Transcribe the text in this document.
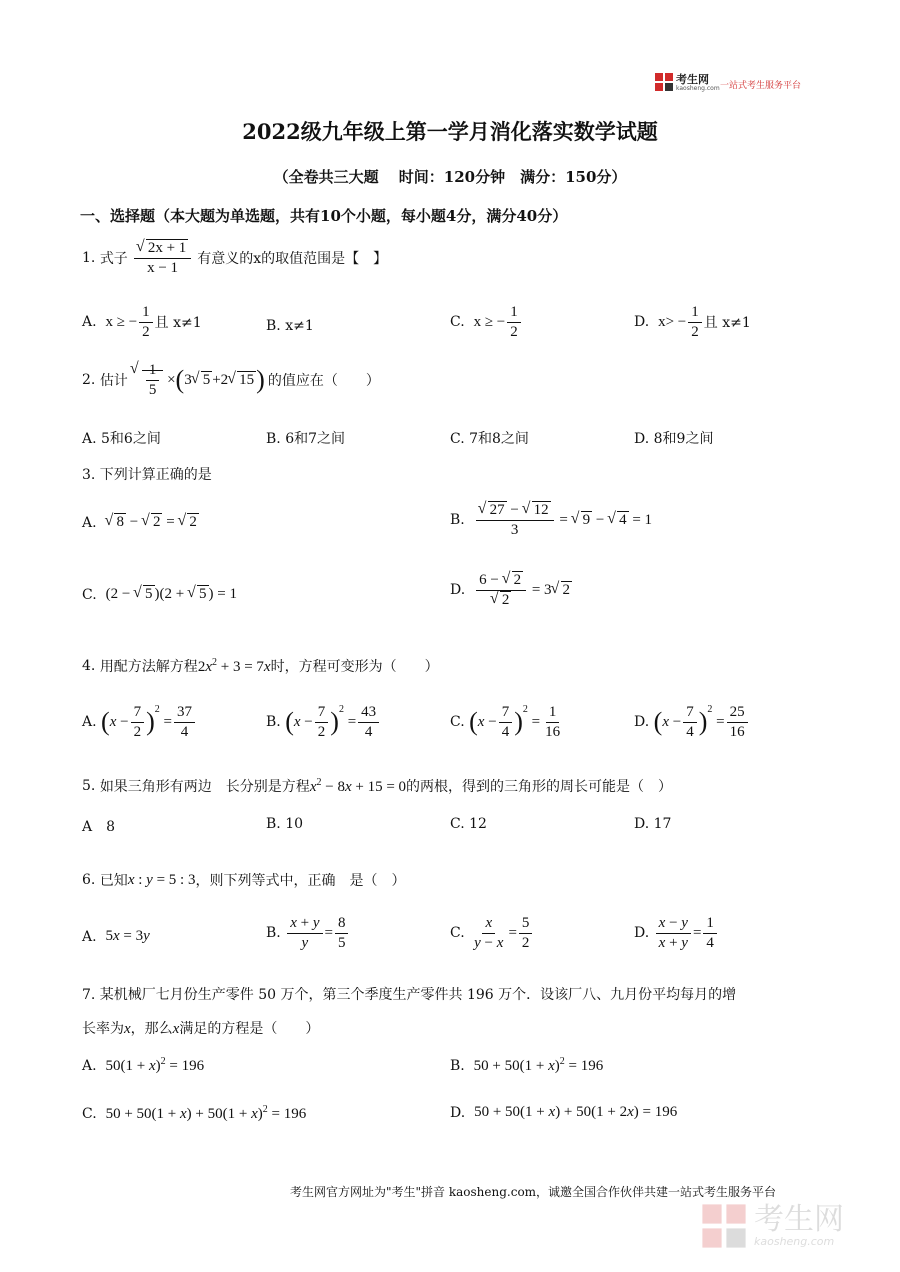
考生网
kaosheng.com 一站式考生服务平台
2022级九年级上第一学月消化落实数学试题
（全卷共三大题　 时间：120分钟　满分：150分）
一、选择题（本大题为单选题，共有10个小题，每小题4分，满分40分）
1.
式子 √ $\frac{2x + 1}{x - 1}$ 有意义的x的取值范围是【　】
A.
x ≥ − $\frac{1}{2}$ 且 x≠1	B. x≠1	C.
x ≥ − $\frac{1}{2}$	D.
$x> - \frac{1}{2}$ 且 x≠1
2.
估计 √ $\frac{1}{5}$ × ( 3 √ 5 +2 √ 15 ) 的值应在（　　）
A. 5和6之间	B. 6和7之间	C. 7和8之间	D. 8和9之间
3. 下列计算正确的是
A.
	√ 8 − √ 2 = √ 2	B.
√ $\frac{27 - √ 12}{3}$ = √ 9 − √ 4 = 1
C.
(2 − √ 5 )(2 + √ 5 ) = 1	D.
6 − √ 2
√ 2 = 3 √ 2
4.
用配方法解方程 $2x^2 + 3 = 7x$ 时，方程可变形为（　　）
A.
( $x - \frac{7}{2} )^2$
= $\frac{37}{4}$	B.
( $x - \frac{7}{2} )^2$
= $\frac{43}{4}$	C.
( $x - \frac{7}{4} )^2$
= $\frac{1}{16}$	D.
( $x - \frac{7}{4} )^2$
= $\frac{25}{16}$
5.
如果三角形有两边　长分别是方程 $x^2 - 8x + 15 = 0$ 的两根，得到的三角形的周长可能是（　）
A　8	B. 10	C. 12	D. 17
6.
已知 x : y = 5 : 3 ，则下列等式中，正确　是（　）
A.
5x = 3y	B.
$\frac{x + y}{y} = \frac{8}{5}$	C.
$\frac{x}{y - x} = \frac{5}{2}$	D.
$\frac{x - y}{x + y} = \frac{1}{4}$
7. 某机械厂七月份生产零件 50 万个，第三个季度生产零件共 196 万个．设该厂八、九月份平均每月的增
长率为x，那么x满足的方程是（　　）
A.
$50(1 + x)^2 = 196$	B.
$50 + 50(1 + x)^2 = 196$
C.
$50 + 50(1 + x) + 50(1 + x)^2 = 196$	D.
50 + 50(1 + x) + 50(1 + 2x) = 196
考生网官方网址为"考生"拼音 kaosheng.com，诚邀全国合作伙伴共建一站式考生服务平台
考生网
kaosheng.com
